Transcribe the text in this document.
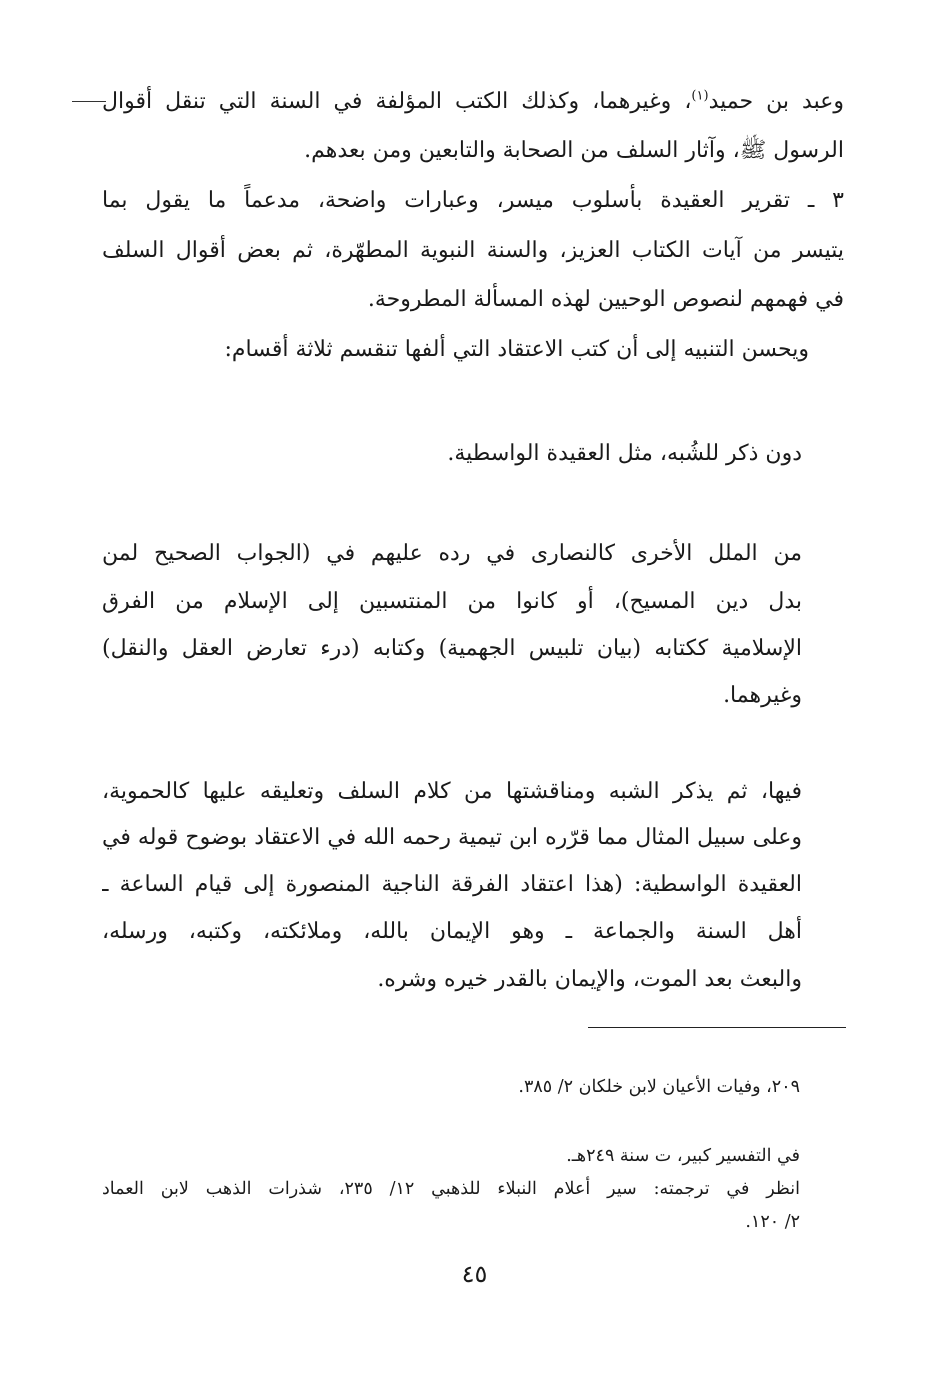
وعبد بن حميد$^{(١)}$، وغيرهما، وكذلك الكتب المؤلفة في السنة التي تنقل أقوال
الرسول ﷺ، وآثار السلف من الصحابة والتابعين ومن بعدهم.
٣ ـ تقرير العقيدة بأسلوب ميسر، وعبارات واضحة، مدعماً ما يقول بما
يتيسر من آيات الكتاب العزيز، والسنة النبوية المطهّرة، ثم بعض أقوال السلف
في فهمهم لنصوص الوحيين لهذه المسألة المطروحة.
ويحسن التنبيه إلى أن كتب الاعتقاد التي ألفها تنقسم ثلاثة أقسام:
دون ذكر للشُبه، مثل العقيدة الواسطية.
من الملل الأخرى كالنصارى في رده عليهم في (الجواب الصحيح لمن
بدل دين المسيح)، أو كانوا من المنتسبين إلى الإسلام من الفرق
الإسلامية ككتابه (بيان تلبيس الجهمية) وكتابه (درء تعارض العقل والنقل)
وغيرهما.
فيها، ثم يذكر الشبه ومناقشتها من كلام السلف وتعليقه عليها كالحموية،
وعلى سبيل المثال مما قرّره ابن تيمية رحمه الله في الاعتقاد بوضوح قوله في
العقيدة الواسطية: (هذا اعتقاد الفرقة الناجية المنصورة إلى قيام الساعة ـ
أهل السنة والجماعة ـ وهو الإيمان بالله، وملائكته، وكتبه، ورسله،
والبعث بعد الموت، والإيمان بالقدر خيره وشره.
٢٠٩، وفيات الأعيان لابن خلكان ٢/ ٣٨٥.
في التفسير كبير، ت سنة ٢٤٩هـ.
انظر في ترجمته: سير أعلام النبلاء للذهبي ١٢/ ٢٣٥، شذرات الذهب لابن العماد
٢/ ١٢٠.
٤٥
